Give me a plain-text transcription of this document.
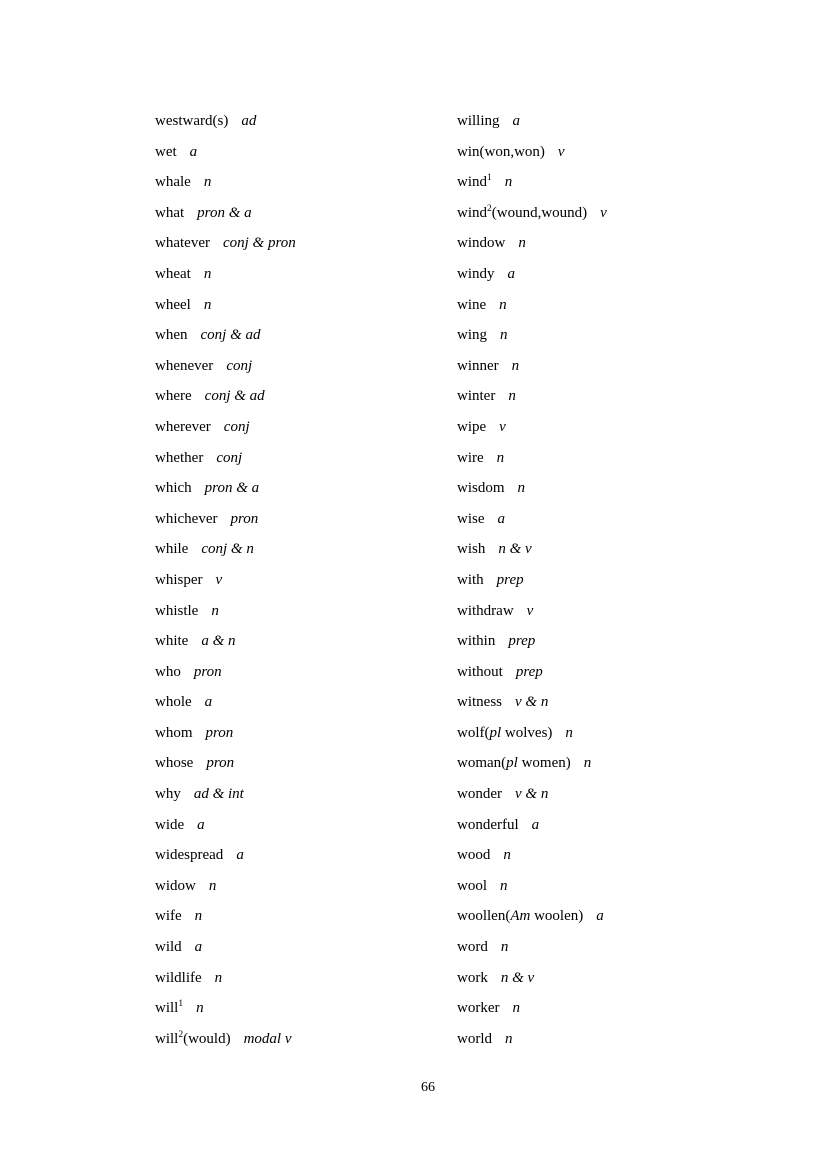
westward(s) ad
wet a
whale n
what pron & a
whatever conj & pron
wheat n
wheel n
when conj & ad
whenever conj
where conj & ad
wherever conj
whether conj
which pron & a
whichever pron
while conj & n
whisper v
whistle n
white a & n
who pron
whole a
whom pron
whose pron
why ad & int
wide a
widespread a
widow n
wife n
wild a
wildlife n
will$^1$ n
will$^2$(would) modal v
willing a
win(won,won) v
wind$^1$ n
wind$^2$(wound,wound) v
window n
windy a
wine n
wing n
winner n
winter n
wipe v
wire n
wisdom n
wise a
wish n & v
with prep
withdraw v
within prep
without prep
witness v & n
wolf(pl wolves) n
woman(pl women) n
wonder v & n
wonderful a
wood n
wool n
woollen(Am woolen) a
word n
work n & v
worker n
world n
66
